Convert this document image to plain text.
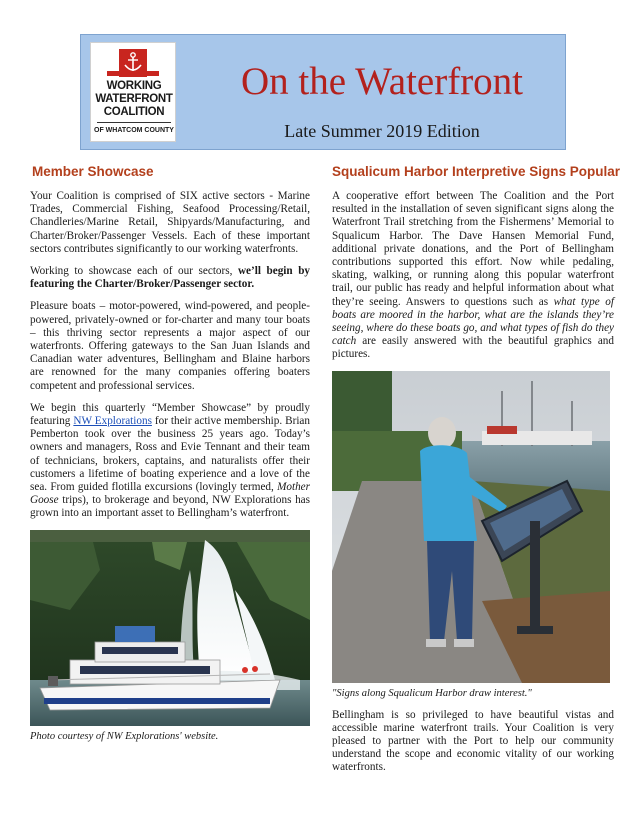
WORKING
WATERFRONT
COALITION
OF WHATCOM COUNTY
On the Waterfront
Late Summer 2019 Edition
Member Showcase

Your Coalition is comprised of SIX active sectors - Marine Trades, Commercial Fishing, Seafood Processing/Retail, Chandleries/Marine Retail, Shipyards/Manufacturing, and Charter/Broker/Passenger Vessels. Each of these important sectors contributes significantly to our working waterfronts.

Working to showcase each of our sectors, we’ll begin by featuring the Charter/Broker/Passenger sector.

Pleasure boats – motor-powered, wind-powered, and people-powered, privately-owned or for-charter and many tour boats – this thriving sector represents a major aspect of our waterfronts. Offering gateways to the San Juan Islands and Canadian water adventures, Bellingham and Blaine harbors are renowned for the many companies offering boaters competent and professional services.

We begin this quarterly “Member Showcase” by proudly featuring NW Explorations for their active membership. Brian Pemberton took over the business 25 years ago. Today’s owners and managers, Ross and Evie Tennant and their team of technicians, brokers, captains, and naturalists offer their customers a lifetime of boating experience and a love of the sea. From guided flotilla excursions (lovingly termed, Mother Goose trips), to brokerage and beyond, NW Explorations has grown into an important asset to Bellingham’s waterfront.

Photo courtesy of NW Explorations' website.
Squalicum Harbor Interpretive Signs Popular

A cooperative effort between The Coalition and the Port resulted in the installation of seven significant signs along the Waterfront Trail stretching from the Fishermens’ Memorial to Squalicum Harbor. The Dave Hansen Memorial Fund, additional private donations, and the Port of Bellingham contributions supported this effort. Now while pedaling, skating, walking, or running along this popular waterfront trail, our public has ready and helpful information about what they’re seeing. Answers to questions such as what type of boats are moored in the harbor, what are the islands they’re seeing, where do these boats go, and what types of fish do they catch are easily answered with the beautiful graphics and pictures.

"Signs along Squalicum Harbor draw interest."

Bellingham is so privileged to have beautiful vistas and accessible marine waterfront trails. Your Coalition is very pleased to partner with the Port to help our community understand the scope and economic vitality of our working waterfronts.
